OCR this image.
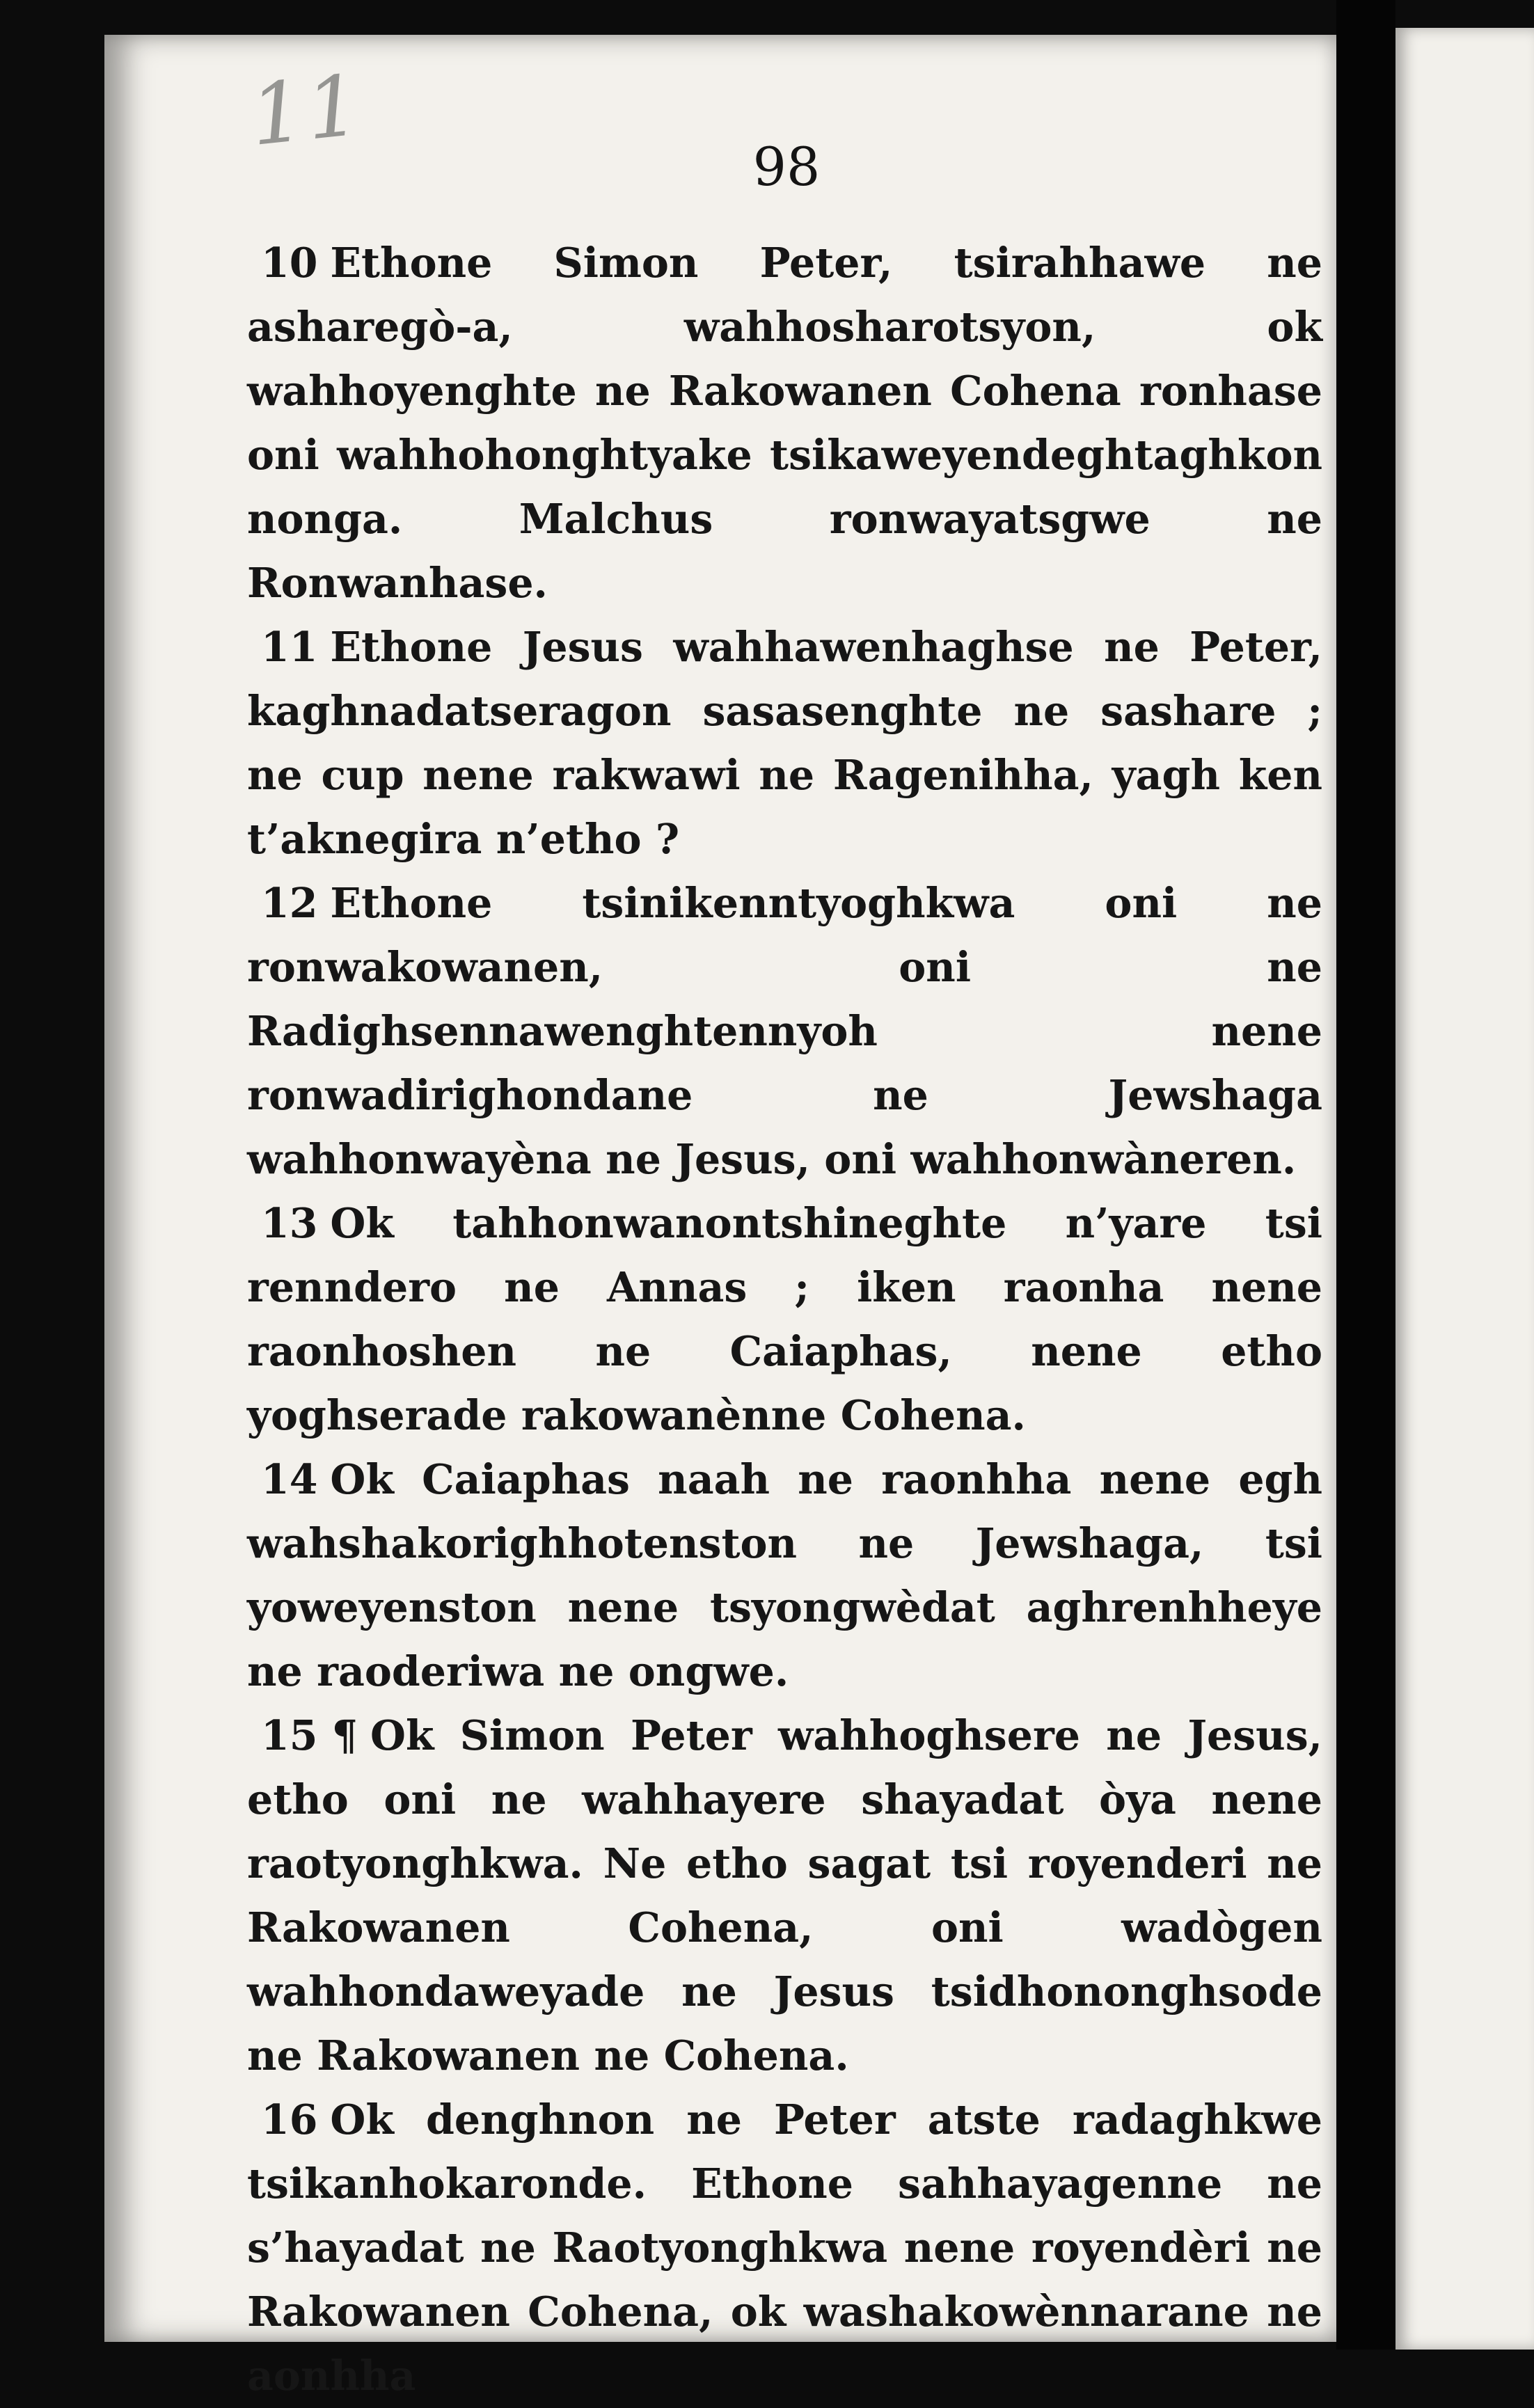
11
98

10 Ethone Simon Peter, tsirahhawe ne asharegò-a, wahhosharotsyon, ok wahhoyenghte ne Rakowanen Cohena ronhase oni wahhohonghtyake tsikaweyendeghtaghkon nonga. Malchus ronwayatsgwe ne Ronwanhase.

11 Ethone Jesus wahhawenhaghse ne Peter, kaghnadatseragon sasasenghte ne sashare ; ne cup nene rakwawi ne Ragenihha, yagh ken t’aknegira n’etho ?

12 Ethone tsinikenntyoghkwa oni ne ronwakowanen, oni ne Radighsennawenghtennyoh nene ronwadirighondane ne Jewshaga wahhonwayèna ne Jesus, oni wahhonwàneren.

13 Ok tahhonwanontshineghte n’yare tsi renndero ne Annas ; iken raonha nene raonhoshen ne Caiaphas, nene etho yoghserade rakowanènne Cohena.

14 Ok Caiaphas naah ne raonhha nene egh wahshakorighhotenston ne Jewshaga, tsi yoweyenston nene tsyongwèdat aghrenhheye ne raoderiwa ne ongwe.

15 ¶ Ok Simon Peter wahhoghsere ne Jesus, etho oni ne wahhayere shayadat òya nene raotyonghkwa. Ne etho sagat tsi royenderi ne Rakowanen Cohena, oni wadògen wahhondaweyade ne Jesus tsidhononghsode ne Rakowanen ne Cohena.

16 Ok denghnon ne Peter atste radaghkwe tsikanhokaronde. Ethone sahhayagenne ne s’hayadat ne Raotyonghkwa nene royendèri ne Rakowanen Cohena, ok washakowènnarane ne aonhha
